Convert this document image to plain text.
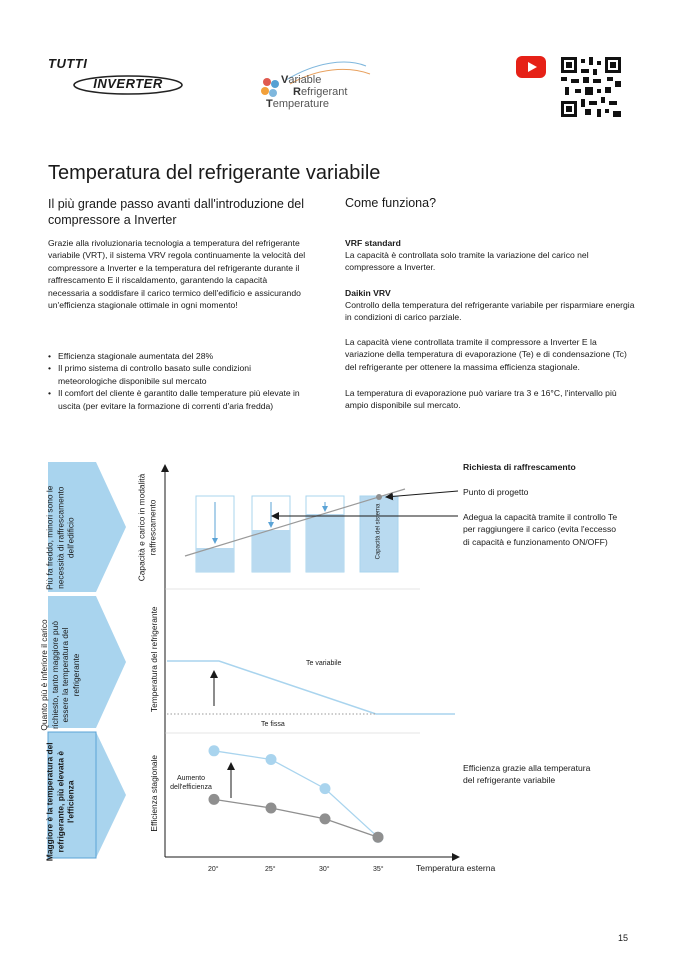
TUTTI
INVERTER	Variable
Refrigerant
Temperature
Temperatura del refrigerante variabile
Il più grande passo avanti dall'introduzione del compressore a Inverter
Come funziona?
Grazie alla rivoluzionaria tecnologia a temperatura del refrigerante variabile (VRT), il sistema VRV regola continuamente la velocità del compressore a Inverter e la temperatura del refrigerante durante il raffrescamento E il riscaldamento, garantendo la capacità necessaria a soddisfare il carico termico dell'edificio e assicurando un'efficienza stagionale ottimale in ogni momento!
• Efficienza stagionale aumentata del 28%
• Il primo sistema di controllo basato sulle condizioni meteorologiche disponibile sul mercato
• Il comfort del cliente è garantito dalle temperature più elevate in uscita (per evitare la formazione di correnti d'aria fredda)
VRF standard
La capacità è controllata solo tramite la variazione del carico nel compressore a Inverter.
Daikin VRV
Controllo della temperatura del refrigerante variabile per risparmiare energia in condizioni di carico parziale.
La capacità viene controllata tramite il compressore a Inverter E la variazione della temperatura di evaporazione (Te) e di condensazione (Tc) del refrigerante per ottenere la massima efficienza stagionale.
La temperatura di evaporazione può variare tra 3 e 16°C, l'intervallo più ampio disponibile sul mercato.
Più fa freddo, minori sono le necessità di raffrescamento dell'edificio
Quanto più è inferiore il carico richiesto, tanto maggiore può essere la temperatura del refrigerante
Maggiore è la temperatura del refrigerante, più elevata è l'efficienza
Capacità e carico in modalità raffrescamento
Temperatura del refrigerante
Efficienza stagionale
Capacità del sistema
Richiesta di raffrescamento
Punto di progetto
Adegua la capacità tramite il controllo Te per raggiungere il carico (evita l'eccesso di capacità e funzionamento ON/OFF)
Te variabile
Te fissa
Aumento dell'efficienza
Efficienza grazie alla temperatura del refrigerante variabile
20°	25°	30°	35°	Temperatura esterna
15
